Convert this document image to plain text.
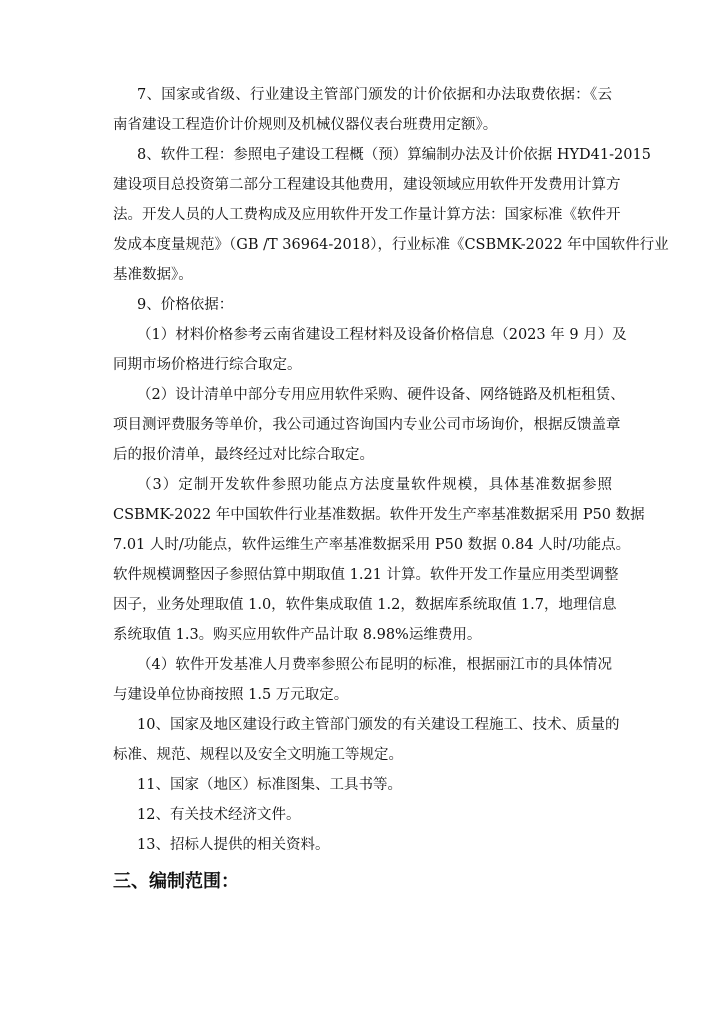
7、国家或省级、行业建设主管部门颁发的计价依据和办法取费依据：《云
南省建设工程造价计价规则及机械仪器仪表台班费用定额》。
8、软件工程：参照电子建设工程概（预）算编制办法及计价依据 HYD41-2015
建设项目总投资第二部分工程建设其他费用，建设领域应用软件开发费用计算方
法。开发人员的人工费构成及应用软件开发工作量计算方法：国家标准《软件开
发成本度量规范》（GB /T 36964-2018），行业标准《CSBMK-2022 年中国软件行业
基准数据》。
9、价格依据：
（1）材料价格参考云南省建设工程材料及设备价格信息（2023 年 9 月）及
同期市场价格进行综合取定。
（2）设计清单中部分专用应用软件采购、硬件设备、网络链路及机柜租赁、
项目测评费服务等单价，我公司通过咨询国内专业公司市场询价，根据反馈盖章
后的报价清单，最终经过对比综合取定。
（3）定制开发软件参照功能点方法度量软件规模，具体基准数据参照
CSBMK-2022 年中国软件行业基准数据。软件开发生产率基准数据采用 P50 数据
7.01 人时/功能点，软件运维生产率基准数据采用 P50 数据 0.84 人时/功能点。
软件规模调整因子参照估算中期取值 1.21 计算。软件开发工作量应用类型调整
因子，业务处理取值 1.0，软件集成取值 1.2，数据库系统取值 1.7，地理信息
系统取值 1.3。购买应用软件产品计取 8.98%运维费用。
（4）软件开发基准人月费率参照公布昆明的标准，根据丽江市的具体情况
与建设单位协商按照 1.5 万元取定。
10、国家及地区建设行政主管部门颁发的有关建设工程施工、技术、质量的
标准、规范、规程以及安全文明施工等规定。
11、国家（地区）标准图集、工具书等。
12、有关技术经济文件。
13、招标人提供的相关资料。
三、编制范围：
